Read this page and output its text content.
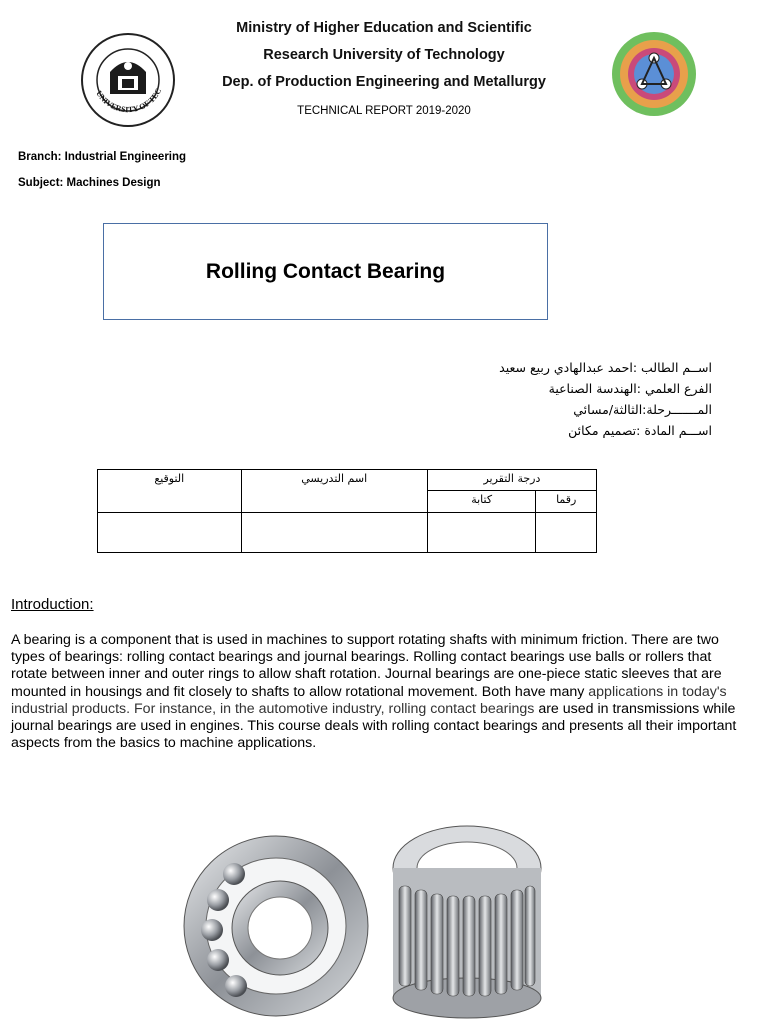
UNIVERSITY OF TEC
Ministry of Higher Education and Scientific
Research University of Technology
Dep. of Production Engineering and Metallurgy
TECHNICAL REPORT 2019-2020
Branch: Industrial Engineering
Subject: Machines Design
Rolling Contact Bearing
اســم الطالب :احمد عبدالهادي ربيع سعيد
الفرع العلمي :الهندسة الصناعية
المـــــــرحلة:الثالثة/مسائي
اســـم المادة :تصميم مكائن
التوقيع	اسم التدريسي	درجة التقرير	
		كتابة	رقما

Introduction:
A bearing is a component that is used in machines to support rotating shafts with minimum friction. There are two types of bearings: rolling contact bearings and journal bearings. Rolling contact bearings use balls or rollers that rotate between inner and outer rings to allow shaft rotation. Journal bearings are one-piece static sleeves that are mounted in housings and fit closely to shafts to allow rotational movement. Both have many applications in today's industrial products. For instance, in the automotive industry, rolling contact bearings are used in transmissions while journal bearings are used in engines. This course deals with rolling contact bearings and presents all their important aspects from the basics to machine applications.
